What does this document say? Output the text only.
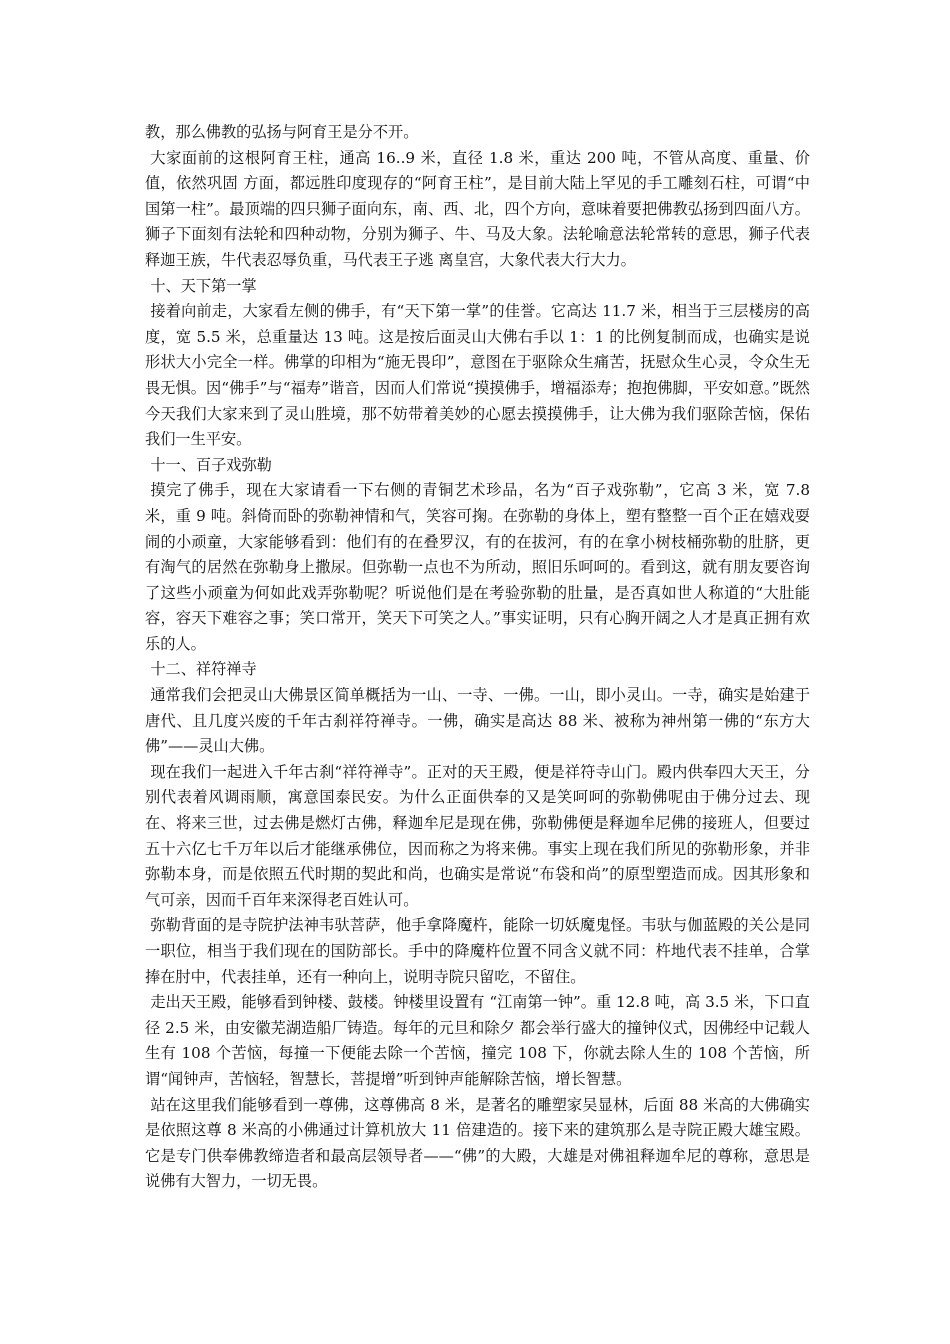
教，那么佛教的弘扬与阿育王是分不开。

大家面前的这根阿育王柱，通高 16..9 米，直径 1.8 米，重达 200 吨，不管从高度、重量、价值，依然巩固 方面，都远胜印度现存的“阿育王柱”，是目前大陆上罕见的手工雕刻石柱，可谓“中国第一柱”。最顶端的四只狮子面向东，南、西、北，四个方向，意味着要把佛教弘扬到四面八方。狮子下面刻有法轮和四种动物，分别为狮子、牛、马及大象。法轮喻意法轮常转的意思，狮子代表释迦王族，牛代表忍辱负重，马代表王子逃 离皇宫，大象代表大行大力。

十、天下第一掌

接着向前走，大家看左侧的佛手，有“天下第一掌”的佳誉。它高达 11.7 米，相当于三层楼房的高度，宽 5.5 米，总重量达 13 吨。这是按后面灵山大佛右手以 1：1 的比例复制而成，也确实是说形状大小完全一样。佛掌的印相为“施无畏印”，意图在于驱除众生痛苦，抚慰众生心灵，令众生无畏无惧。因“佛手”与“福寿”谐音，因而人们常说“摸摸佛手，增福添寿；抱抱佛脚，平安如意。”既然今天我们大家来到了灵山胜境，那不妨带着美妙的心愿去摸摸佛手，让大佛为我们驱除苦恼，保佑我们一生平安。

十一、百子戏弥勒

摸完了佛手，现在大家请看一下右侧的青铜艺术珍品，名为“百子戏弥勒”，它高 3 米，宽 7.8 米，重 9 吨。斜倚而卧的弥勒神情和气，笑容可掬。在弥勒的身体上，塑有整整一百个正在嬉戏耍闹的小顽童，大家能够看到：他们有的在叠罗汉，有的在拔河，有的在拿小树枝桶弥勒的肚脐，更有淘气的居然在弥勒身上撒尿。但弥勒一点也不为所动，照旧乐呵呵的。看到这，就有朋友要咨询了这些小顽童为何如此戏弄弥勒呢？听说他们是在考验弥勒的肚量，是否真如世人称道的“大肚能容，容天下难容之事；笑口常开，笑天下可笑之人。”事实证明，只有心胸开阔之人才是真正拥有欢乐的人。

十二、祥符禅寺

通常我们会把灵山大佛景区简单概括为一山、一寺、一佛。一山，即小灵山。一寺，确实是始建于唐代、且几度兴废的千年古刹祥符禅寺。一佛，确实是高达 88 米、被称为神州第一佛的“东方大佛”——灵山大佛。

现在我们一起进入千年古刹“祥符禅寺”。正对的天王殿，便是祥符寺山门。殿内供奉四大天王，分别代表着风调雨顺，寓意国泰民安。为什么正面供奉的又是笑呵呵的弥勒佛呢由于佛分过去、现在、将来三世，过去佛是燃灯古佛，释迦牟尼是现在佛，弥勒佛便是释迦牟尼佛的接班人，但要过五十六亿七千万年以后才能继承佛位，因而称之为将来佛。事实上现在我们所见的弥勒形象，并非弥勒本身，而是依照五代时期的契此和尚，也确实是常说“布袋和尚”的原型塑造而成。因其形象和气可亲，因而千百年来深得老百姓认可。

弥勒背面的是寺院护法神韦驮菩萨，他手拿降魔杵，能除一切妖魔鬼怪。韦驮与伽蓝殿的关公是同一职位，相当于我们现在的国防部长。手中的降魔杵位置不同含义就不同：杵地代表不挂单，合掌捧在肘中，代表挂单，还有一种向上，说明寺院只留吃，不留住。

走出天王殿，能够看到钟楼、鼓楼。钟楼里设置有 “江南第一钟”。重 12.8 吨，高 3.5 米，下口直径 2.5 米，由安徽芜湖造船厂铸造。每年的元旦和除夕 都会举行盛大的撞钟仪式，因佛经中记载人生有 108 个苦恼，每撞一下便能去除一个苦恼，撞完 108 下，你就去除人生的 108 个苦恼，所谓“闻钟声，苦恼轻，智慧长，菩提增”听到钟声能解除苦恼，增长智慧。

站在这里我们能够看到一尊佛，这尊佛高 8 米，是著名的雕塑家吴显林，后面 88 米高的大佛确实是依照这尊 8 米高的小佛通过计算机放大 11 倍建造的。接下来的建筑那么是寺院正殿大雄宝殿。它是专门供奉佛教缔造者和最高层领导者——“佛”的大殿，大雄是对佛祖释迦牟尼的尊称，意思是说佛有大智力，一切无畏。
